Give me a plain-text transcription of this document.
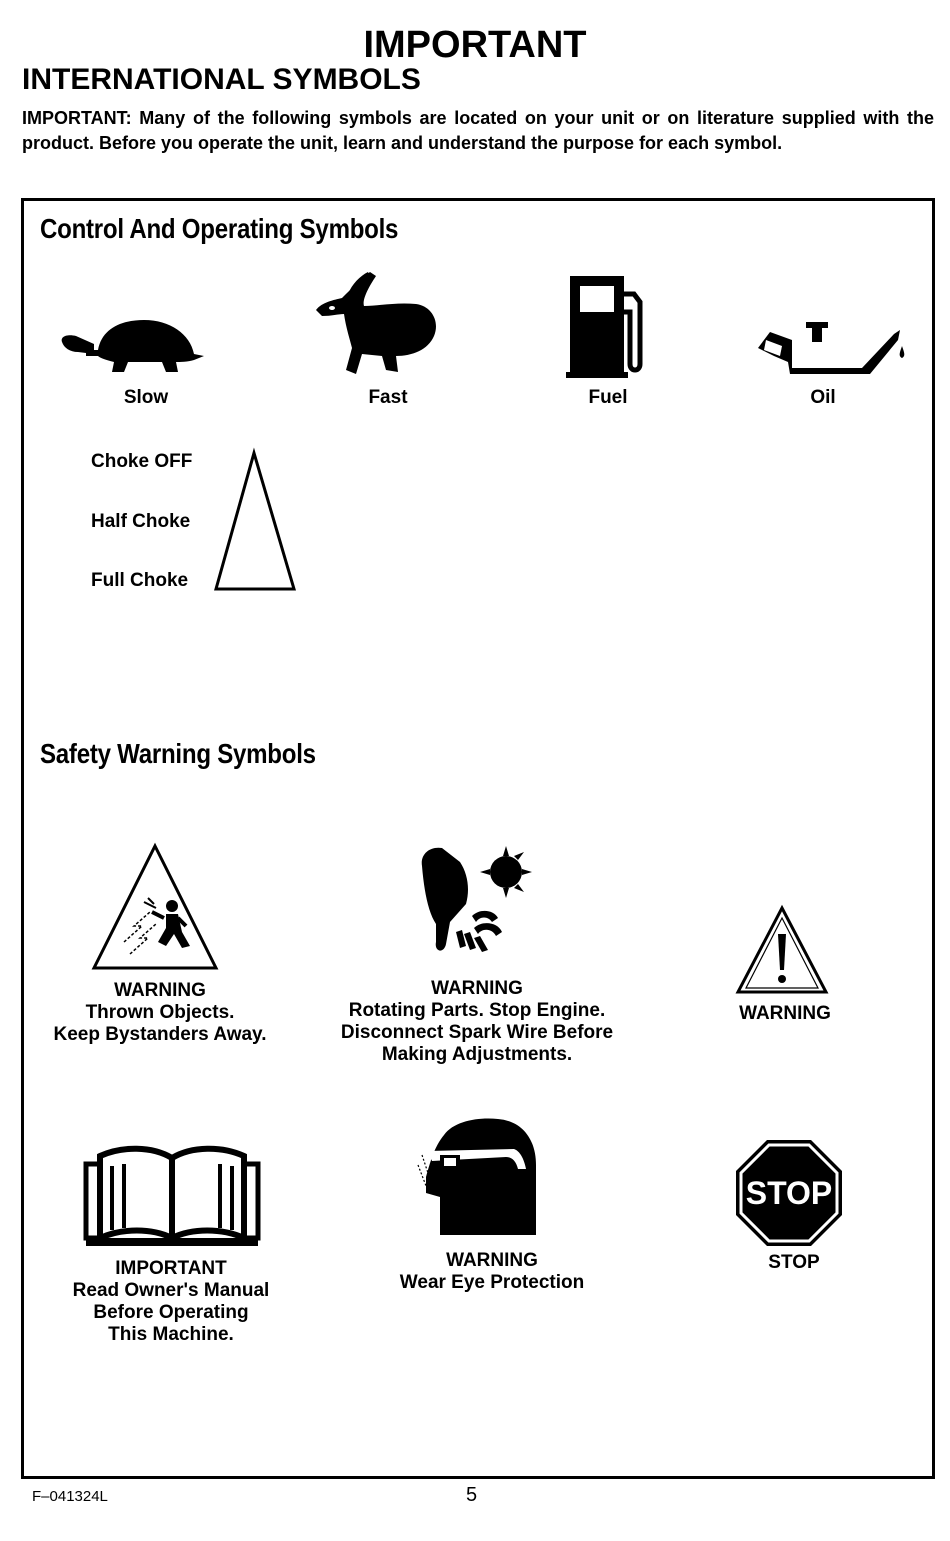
IMPORTANT
INTERNATIONAL SYMBOLS
IMPORTANT: Many of the following symbols are located on your unit or on literature supplied with the product. Before you operate the unit, learn and understand the purpose for each symbol.
Control And Operating Symbols
Slow	Fast	Fuel	Oil
Choke OFF
Half Choke
Full Choke
Safety Warning Symbols
WARNING
Thrown Objects.
Keep Bystanders Away.
WARNING
Rotating Parts. Stop Engine.
Disconnect Spark Wire Before
Making Adjustments.
WARNING
IMPORTANT
Read Owner's Manual
Before Operating
This Machine.
WARNING
Wear Eye Protection
STOP
STOP
F–041324L	5
